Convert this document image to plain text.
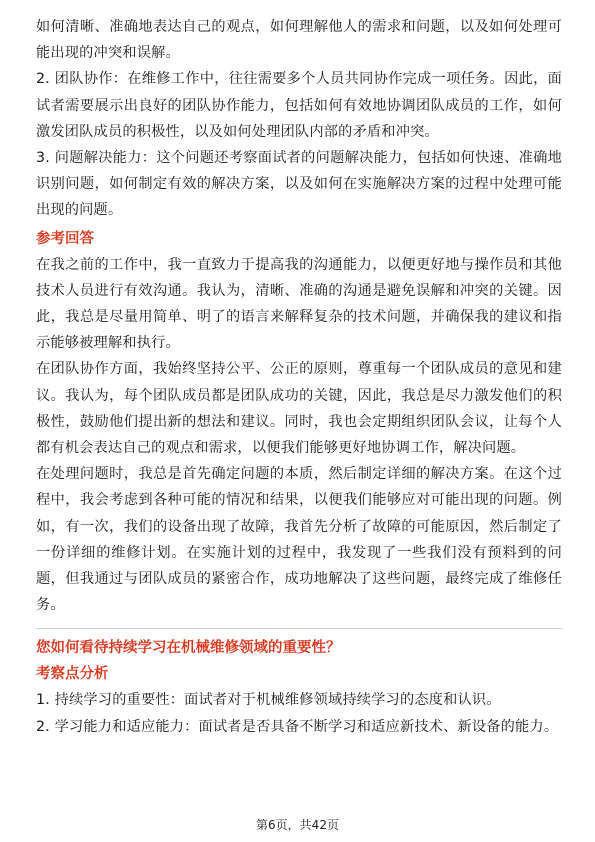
如何清晰、准确地表达自己的观点，如何理解他人的需求和问题，以及如何处理可能出现的冲突和误解。

2. 团队协作：在维修工作中，往往需要多个人员共同协作完成一项任务。因此，面试者需要展示出良好的团队协作能力，包括如何有效地协调团队成员的工作，如何激发团队成员的积极性，以及如何处理团队内部的矛盾和冲突。

3. 问题解决能力：这个问题还考察面试者的问题解决能力，包括如何快速、准确地识别问题，如何制定有效的解决方案，以及如何在实施解决方案的过程中处理可能出现的问题。

参考回答

在我之前的工作中，我一直致力于提高我的沟通能力，以便更好地与操作员和其他技术人员进行有效沟通。我认为，清晰、准确的沟通是避免误解和冲突的关键。因此，我总是尽量用简单、明了的语言来解释复杂的技术问题，并确保我的建议和指示能够被理解和执行。

在团队协作方面，我始终坚持公平、公正的原则，尊重每一个团队成员的意见和建议。我认为，每个团队成员都是团队成功的关键，因此，我总是尽力激发他们的积极性，鼓励他们提出新的想法和建议。同时，我也会定期组织团队会议，让每个人都有机会表达自己的观点和需求，以便我们能够更好地协调工作，解决问题。

在处理问题时，我总是首先确定问题的本质，然后制定详细的解决方案。在这个过程中，我会考虑到各种可能的情况和结果，以便我们能够应对可能出现的问题。例如，有一次，我们的设备出现了故障，我首先分析了故障的可能原因，然后制定了一份详细的维修计划。在实施计划的过程中，我发现了一些我们没有预料到的问题，但我通过与团队成员的紧密合作，成功地解决了这些问题，最终完成了维修任务。

您如何看待持续学习在机械维修领域的重要性？

考察点分析

1. 持续学习的重要性：面试者对于机械维修领域持续学习的态度和认识。

2. 学习能力和适应能力：面试者是否具备不断学习和适应新技术、新设备的能力。

第6页，共42页
